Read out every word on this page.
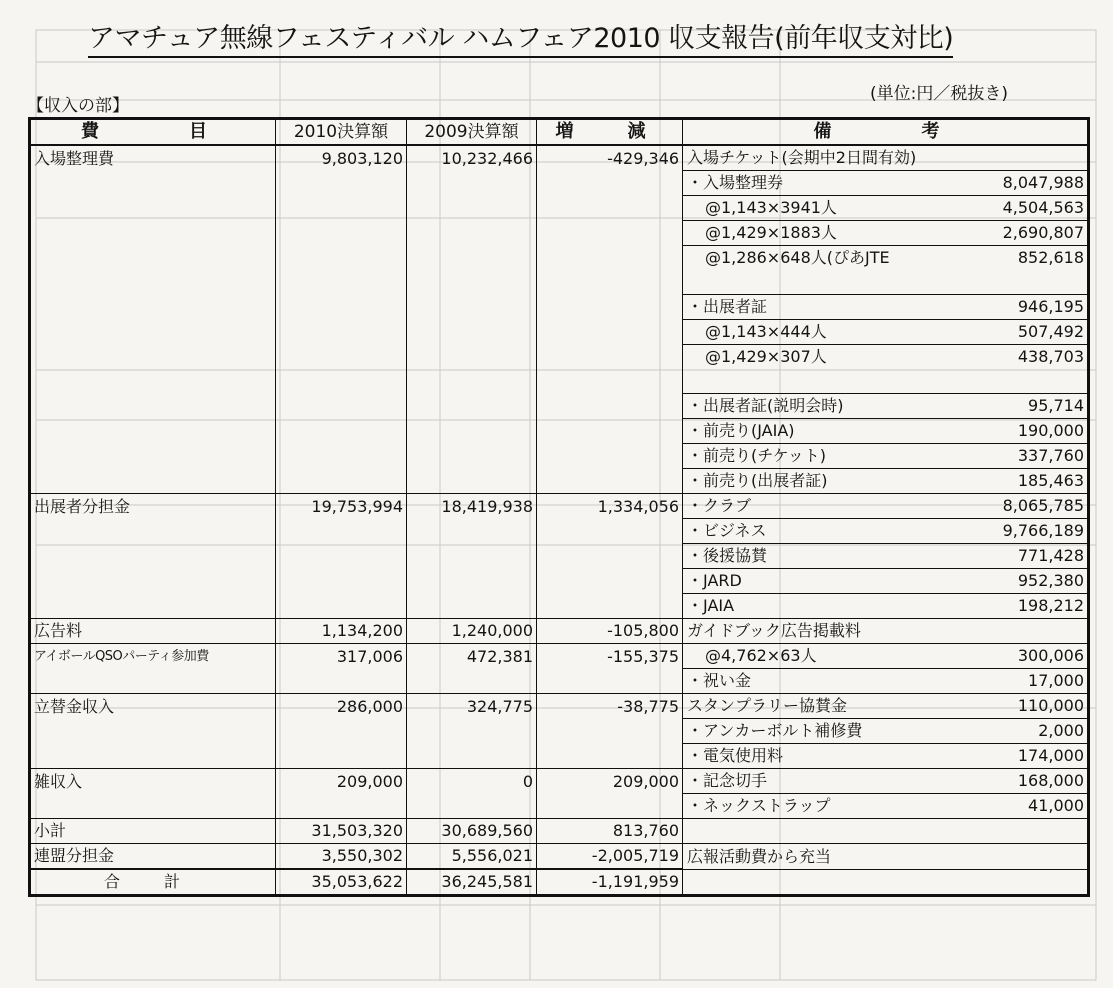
アマチュア無線フェスティバル ハムフェア2010 収支報告(前年収支対比)
【収入の部】
(単位:円／税抜き)
費　　目	2010決算額	2009決算額	増　減	備　　考	
入場整理費	9,803,120	10,232,466	-429,346	入場チケット(会期中2日間有効)	
				・入場整理券	8,047,988
				@1,143×3941人	4,504,563
				@1,429×1883人	2,690,807
				@1,286×648人(ぴあJTE	852,618

				・出展者証	946,195
				@1,143×444人	507,492
				@1,429×307人	438,703

				・出展者証(説明会時)	95,714
				・前売り(JAIA)	190,000
				・前売り(チケット)	337,760
				・前売り(出展者証)	185,463
出展者分担金	19,753,994	18,419,938	1,334,056	・クラブ	8,065,785
				・ビジネス	9,766,189
				・後援協賛	771,428
				・JARD	952,380
				・JAIA	198,212
広告料	1,134,200	1,240,000	-105,800	ガイドブック広告掲載料	
アイボールQSOパーティ参加費	317,006	472,381	-155,375	@4,762×63人	300,006
				・祝い金	17,000
立替金収入	286,000	324,775	-38,775	スタンプラリー協賛金	110,000
				・アンカーボルト補修費	2,000
				・電気使用料	174,000
雑収入	209,000	0	209,000	・記念切手	168,000
				・ネックストラップ	41,000
小計	31,503,320	30,689,560	813,760		
連盟分担金	3,550,302	5,556,021	-2,005,719	広報活動費から充当	
合　計	35,053,622	36,245,581	-1,191,959		
